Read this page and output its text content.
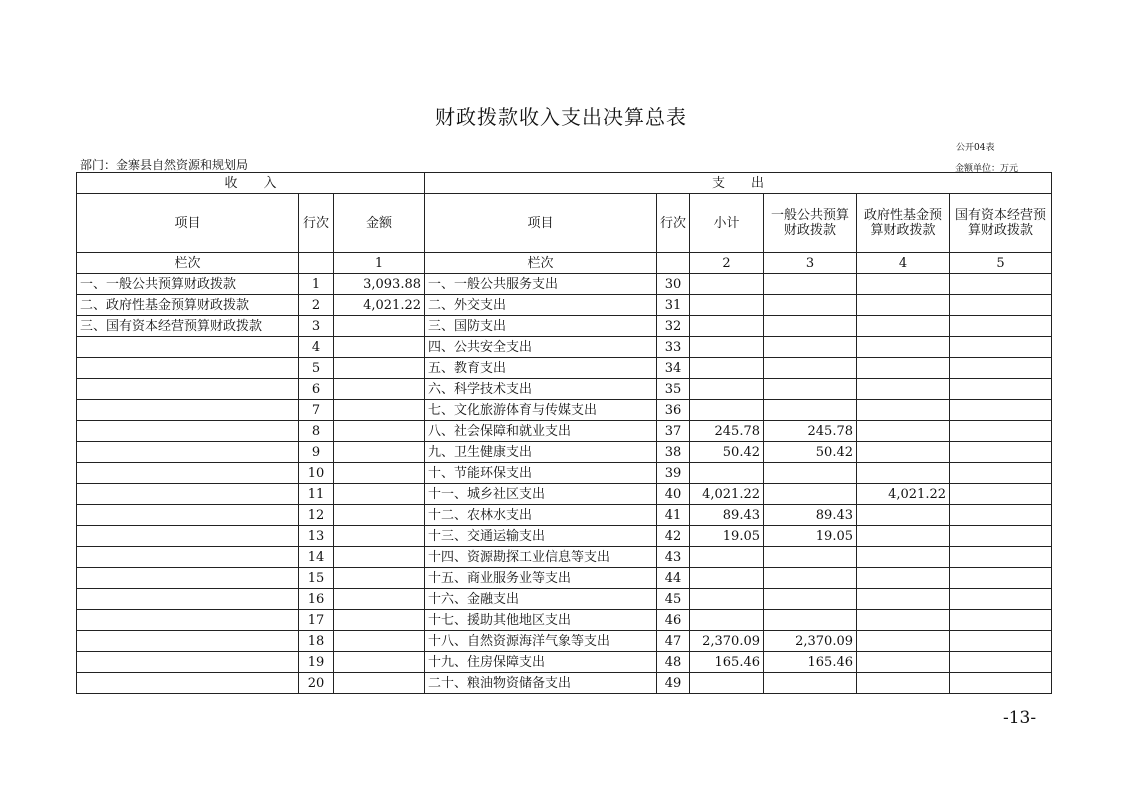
财政拨款收入支出决算总表
公开04表
部门：金寨县自然资源和规划局	金额单位：万元
收　　入			支　　出					
项目	行次	金额	项目	行次	小计	一般公共预算财政拨款	政府性基金预算财政拨款	国有资本经营预算财政拨款
栏次		1	栏次		2	3	4	5
一、一般公共预算财政拨款	1	3,093.88	一、一般公共服务支出	30				
二、政府性基金预算财政拨款	2	4,021.22	二、外交支出	31				
三、国有资本经营预算财政拨款	3		三、国防支出	32				
	4		四、公共安全支出	33				
	5		五、教育支出	34				
	6		六、科学技术支出	35				
	7		七、文化旅游体育与传媒支出	36				
	8		八、社会保障和就业支出	37	245.78	245.78		
	9		九、卫生健康支出	38	50.42	50.42		
	10		十、节能环保支出	39				
	11		十一、城乡社区支出	40	4,021.22		4,021.22	
	12		十二、农林水支出	41	89.43	89.43		
	13		十三、交通运输支出	42	19.05	19.05		
	14		十四、资源勘探工业信息等支出	43				
	15		十五、商业服务业等支出	44				
	16		十六、金融支出	45				
	17		十七、援助其他地区支出	46				
	18		十八、自然资源海洋气象等支出	47	2,370.09	2,370.09		
	19		十九、住房保障支出	48	165.46	165.46		
	20		二十、粮油物资储备支出	49				
-13-
